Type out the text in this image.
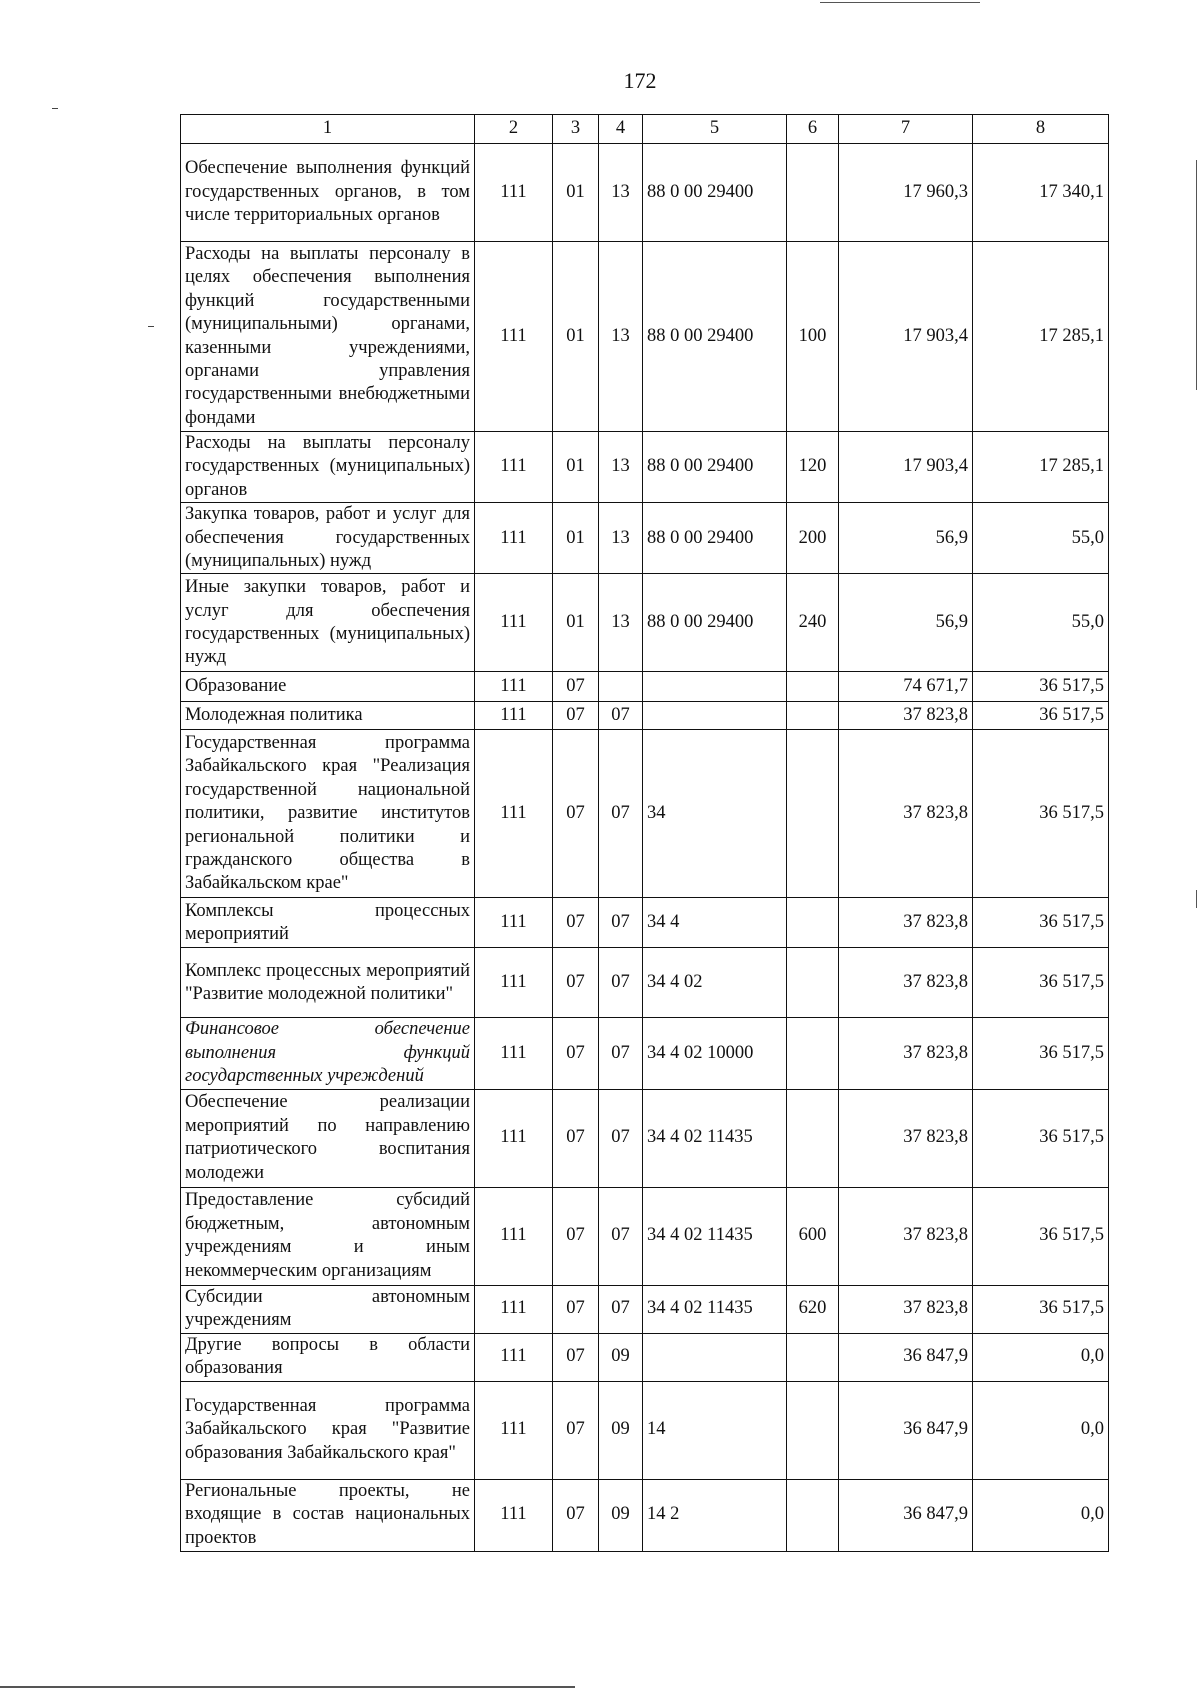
172
1	2	3	4	5	6	7	8
Обеспечение выполнения функций государственных органов, в том числе территориальных органов	111	01	13	88 0 00 29400		17 960,3	17 340,1
Расходы на выплаты персоналу в целях обеспечения выполнения функций государственными (муниципальными) органами, казенными учреждениями, органами управления государственными внебюджетными фондами	111	01	13	88 0 00 29400	100	17 903,4	17 285,1
Расходы на выплаты персоналу государственных (муниципальных) органов	111	01	13	88 0 00 29400	120	17 903,4	17 285,1
Закупка товаров, работ и услуг для обеспечения государственных (муниципальных) нужд	111	01	13	88 0 00 29400	200	56,9	55,0
Иные закупки товаров, работ и услуг для обеспечения государственных (муниципальных) нужд	111	01	13	88 0 00 29400	240	56,9	55,0
Образование	111	07				74 671,7	36 517,5
Молодежная политика	111	07	07			37 823,8	36 517,5
Государственная программа Забайкальского края "Реализация государственной национальной политики, развитие институтов региональной политики и гражданского общества в Забайкальском крае"	111	07	07	34		37 823,8	36 517,5
Комплексы процессных мероприятий	111	07	07	34 4		37 823,8	36 517,5
Комплекс процессных мероприятий "Развитие молодежной политики"	111	07	07	34 4 02		37 823,8	36 517,5
Финансовое обеспечение выполнения функций государственных учреждений	111	07	07	34 4 02 10000		37 823,8	36 517,5
Обеспечение реализации мероприятий по направлению патриотического воспитания молодежи	111	07	07	34 4 02 11435		37 823,8	36 517,5
Предоставление субсидий бюджетным, автономным учреждениям и иным некоммерческим организациям	111	07	07	34 4 02 11435	600	37 823,8	36 517,5
Субсидии автономным учреждениям	111	07	07	34 4 02 11435	620	37 823,8	36 517,5
Другие вопросы в области образования	111	07	09			36 847,9	0,0
Государственная программа Забайкальского края "Развитие образования Забайкальского края"	111	07	09	14		36 847,9	0,0
Региональные проекты, не входящие в состав национальных проектов	111	07	09	14 2		36 847,9	0,0
